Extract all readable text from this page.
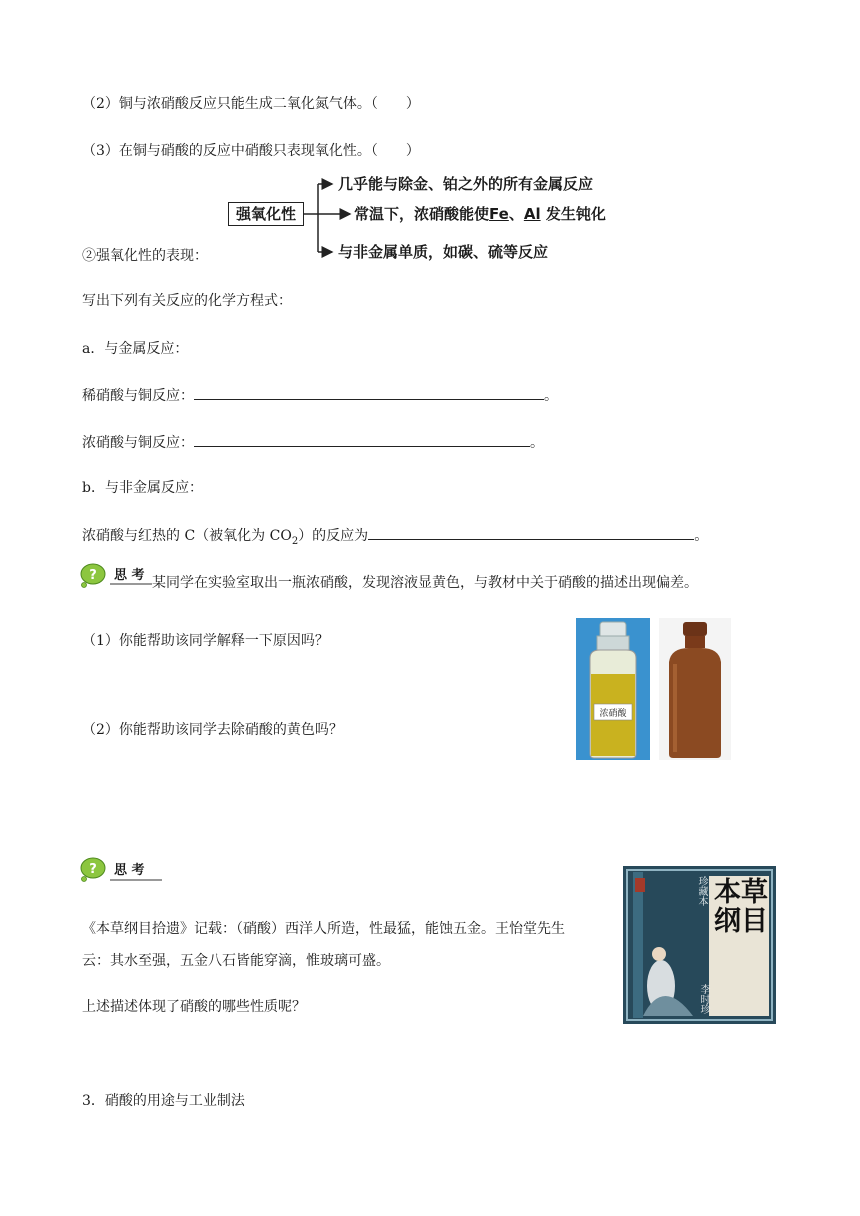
（2）铜与浓硝酸反应只能生成二氧化氮气体。（　　）
（3）在铜与硝酸的反应中硝酸只表现氧化性。（　　）
强氧化性
几乎能与除金、铂之外的所有金属反应
常温下，浓硝酸能使Fe、Al 发生钝化
与非金属单质，如碳、硫等反应
②强氧化性的表现：
写出下列有关反应的化学方程式：
a．与金属反应：
稀硝酸与铜反应：	。
浓硝酸与铜反应：	。
b．与非金属反应：
浓硝酸与红热的 C（被氧化为 $CO_2$）的反应为	。
? 思 考 某同学在实验室取出一瓶浓硝酸，发现溶液显黄色，与教材中关于硝酸的描述出现偏差。
（1）你能帮助该同学解释一下原因吗？
（2）你能帮助该同学去除硝酸的黄色吗？
浓硝酸
? 思 考
《本草纲目拾遗》记载：（硝酸）西洋人所造，性最猛，能蚀五金。王怡堂先生
云：其水至强，五金八石皆能穿滴，惟玻璃可盛。
上述描述体现了硝酸的哪些性质呢？
珍藏本 本草纲目
李时珍
3．硝酸的用途与工业制法
